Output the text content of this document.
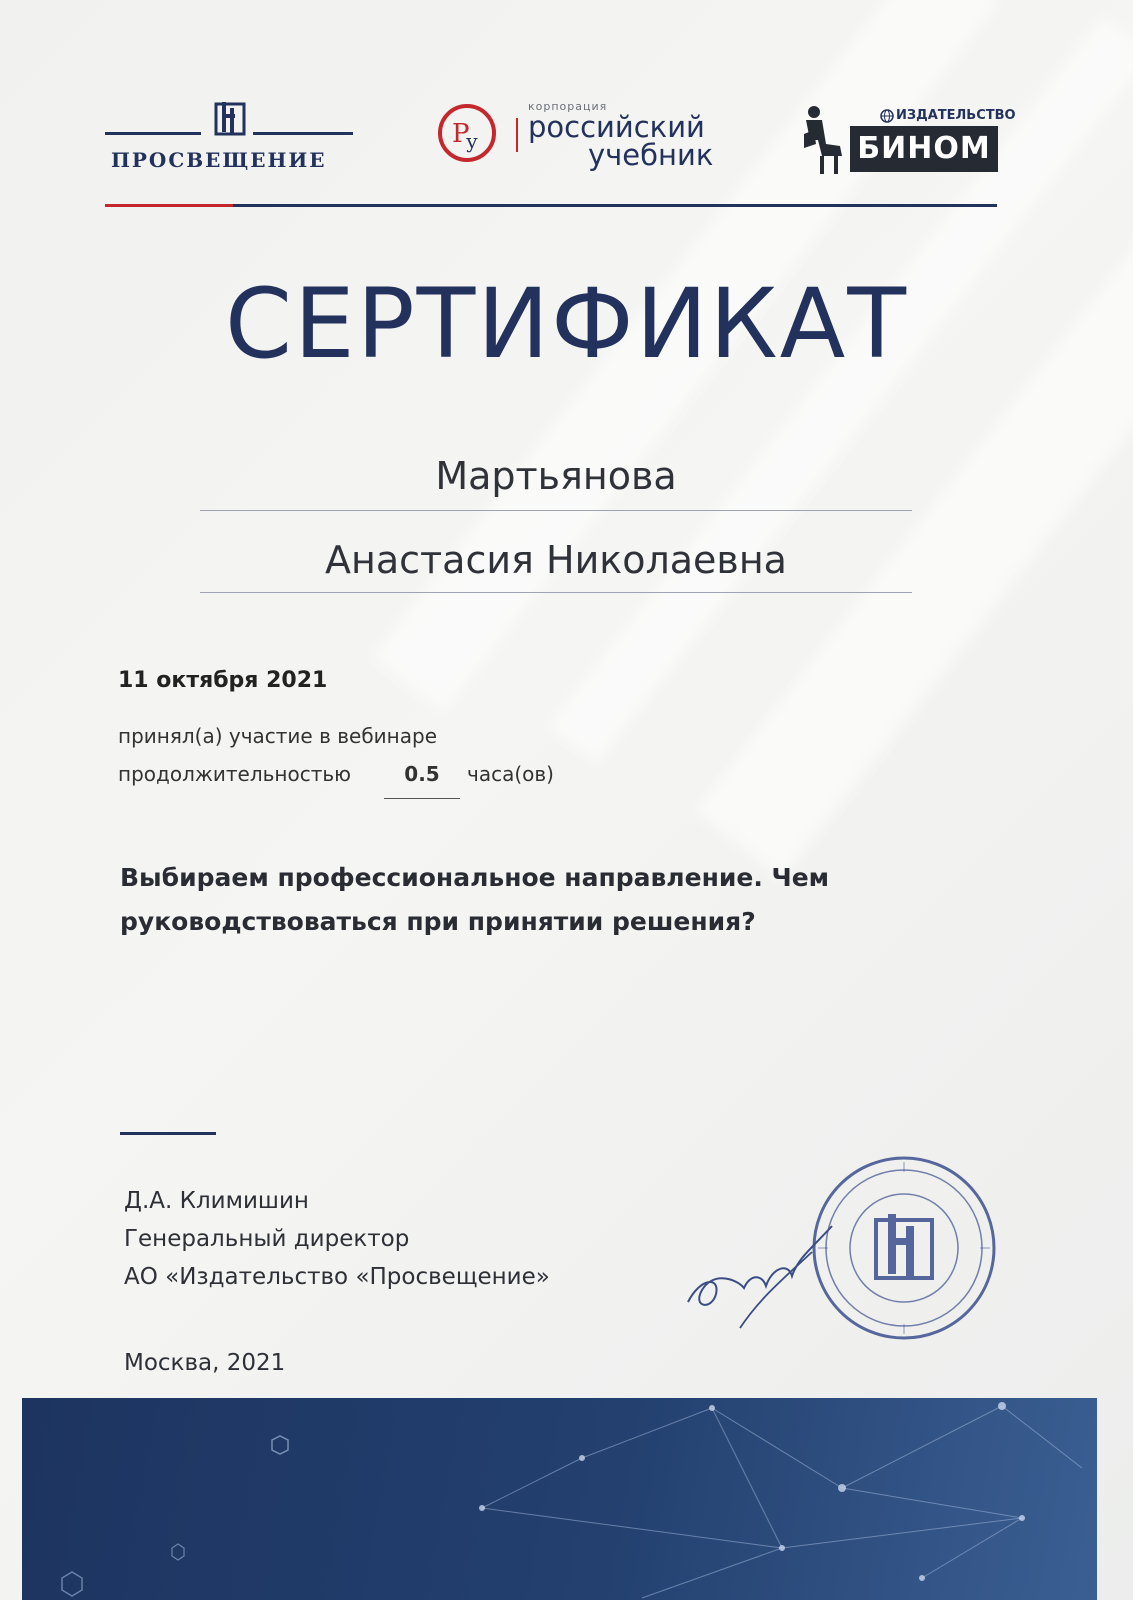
ПРОСВЕЩЕНИЕ
Р
у
корпорация
российский
учебник
ИЗДАТЕЛЬСТВО
БИНОМ
СЕРТИФИКАТ
Мартьянова
Анастасия Николаевна
11 октября 2021
принял(а) участие в вебинаре
продолжительностью	0.5	часа(ов)
Выбираем профессиональное направление. Чем руководствоваться при принятии решения?
Д.А. Климишин
Генеральный директор
АО «Издательство «Просвещение»
Москва, 2021
